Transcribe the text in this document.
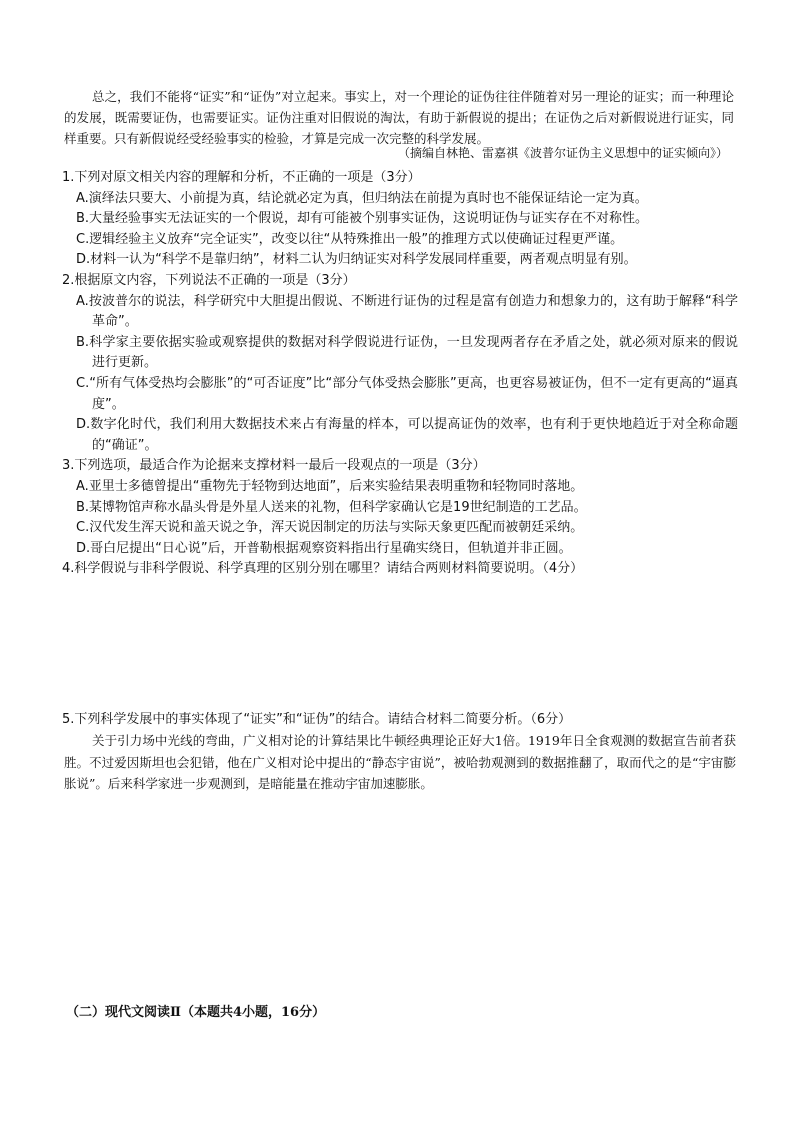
总之，我们不能将“证实”和“证伪”对立起来。事实上，对一个理论的证伪往往伴随着对另一理论的证实；而一种理论的发展，既需要证伪，也需要证实。证伪注重对旧假说的淘汰，有助于新假说的提出；在证伪之后对新假说进行证实，同样重要。只有新假说经受经验事实的检验，才算是完成一次完整的科学发展。

（摘编自林艳、雷嘉祺《波普尔证伪主义思想中的证实倾向》）

1.下列对原文相关内容的理解和分析，不正确的一项是（3分）

A.演绎法只要大、小前提为真，结论就必定为真，但归纳法在前提为真时也不能保证结论一定为真。

B.大量经验事实无法证实的一个假说，却有可能被个别事实证伪，这说明证伪与证实存在不对称性。

C.逻辑经验主义放弃“完全证实”，改变以往“从特殊推出一般”的推理方式以使确证过程更严谨。

D.材料一认为“科学不是靠归纳”，材料二认为归纳证实对科学发展同样重要，两者观点明显有别。

2.根据原文内容，下列说法不正确的一项是（3分）

A.按波普尔的说法，科学研究中大胆提出假说、不断进行证伪的过程是富有创造力和想象力的，这有助于解释“科学革命”。

B.科学家主要依据实验或观察提供的数据对科学假说进行证伪，一旦发现两者存在矛盾之处，就必须对原来的假说进行更新。

C.“所有气体受热均会膨胀”的“可否证度”比“部分气体受热会膨胀”更高，也更容易被证伪，但不一定有更高的“逼真度”。

D.数字化时代，我们利用大数据技术来占有海量的样本，可以提高证伪的效率，也有利于更快地趋近于对全称命题的“确证”。

3.下列选项，最适合作为论据来支撑材料一最后一段观点的一项是（3分）

A.亚里士多德曾提出“重物先于轻物到达地面”，后来实验结果表明重物和轻物同时落地。

B.某博物馆声称水晶头骨是外星人送来的礼物，但科学家确认它是19世纪制造的工艺品。

C.汉代发生浑天说和盖天说之争，浑天说因制定的历法与实际天象更匹配而被朝廷采纳。

D.哥白尼提出“日心说”后，开普勒根据观察资料指出行星确实绕日，但轨道并非正圆。

4.科学假说与非科学假说、科学真理的区别分别在哪里？请结合两则材料简要说明。（4分）

5.下列科学发展中的事实体现了“证实”和“证伪”的结合。请结合材料二简要分析。（6分）

关于引力场中光线的弯曲，广义相对论的计算结果比牛顿经典理论正好大1倍。1919年日全食观测的数据宣告前者获胜。不过爱因斯坦也会犯错，他在广义相对论中提出的“静态宇宙说”，被哈勃观测到的数据推翻了，取而代之的是“宇宙膨胀说”。后来科学家进一步观测到，是暗能量在推动宇宙加速膨胀。

（二）现代文阅读Ⅱ（本题共4小题，16分）
